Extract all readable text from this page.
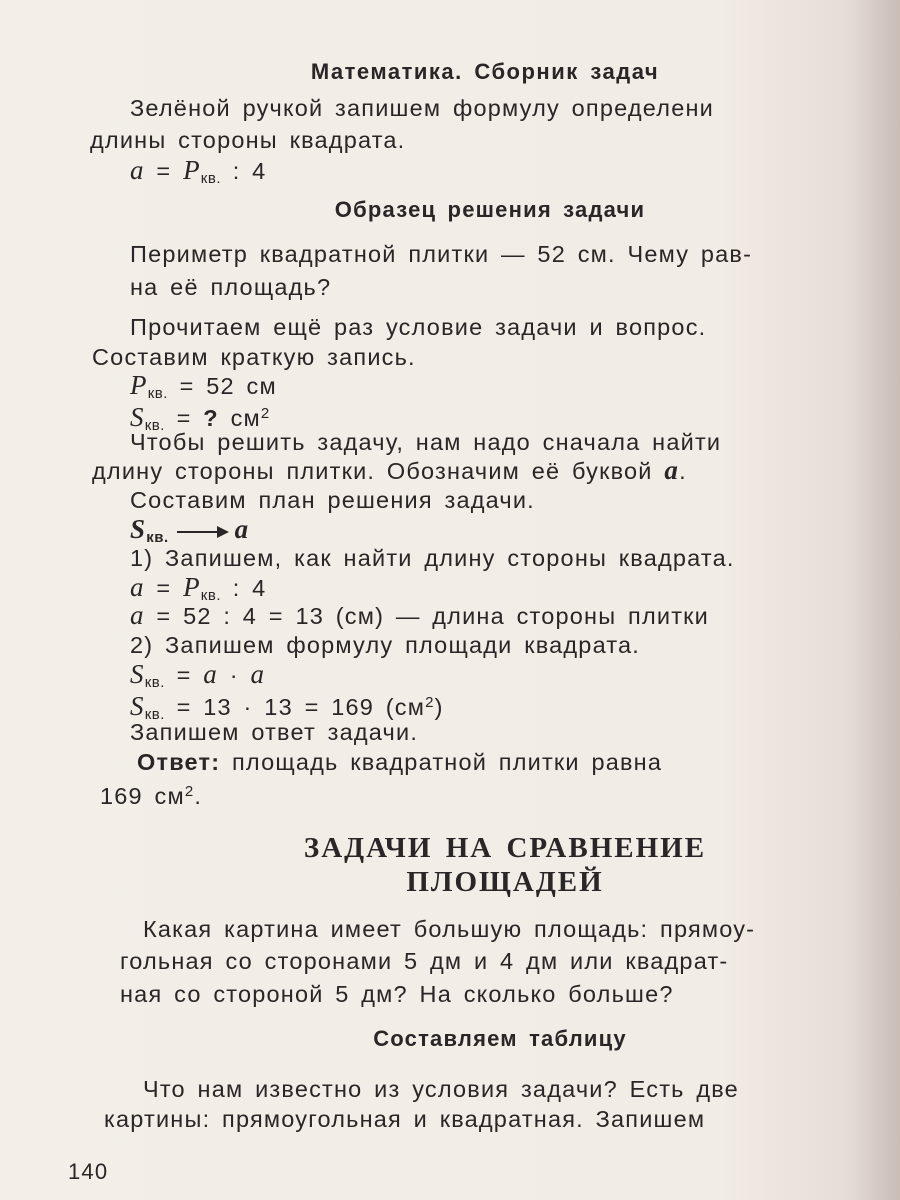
Математика. Сборник задач
Зелёной ручкой запишем формулу определени
длины стороны квадрата.
$a = P_{кв.}$ : 4
Образец решения задачи
Периметр квадратной плитки — 52 см. Чему рав-
на её площадь?
Прочитаем ещё раз условие задачи и вопрос.
Составим краткую запись.
$P_{кв.} = 52$ см
$S_{кв.}$ = ? $см^2$
Чтобы решить задачу, нам надо сначала найти
длину стороны плитки. Обозначим её буквой a.
Составим план решения задачи.
$S_{кв.}$ a
1) Запишем, как найти длину стороны квадрата.
$a = P_{кв.}$ : 4
a = 52 : 4 = 13 (см) — длина стороны плитки
2) Запишем формулу площади квадрата.
$S_{кв.} = a \cdot a$
$S_{кв.} = 13 \cdot 13 = 169$ $(см^2)$
Запишем ответ задачи.
Ответ: площадь квадратной плитки равна
169 $см^2$.
ЗАДАЧИ НА СРАВНЕНИЕ
ПЛОЩАДЕЙ
Какая картина имеет большую площадь: прямоу-
гольная со сторонами 5 дм и 4 дм или квадрат-
ная со стороной 5 дм? На сколько больше?
Составляем таблицу
Что нам известно из условия задачи? Есть две
картины: прямоугольная и квадратная. Запишем
140
